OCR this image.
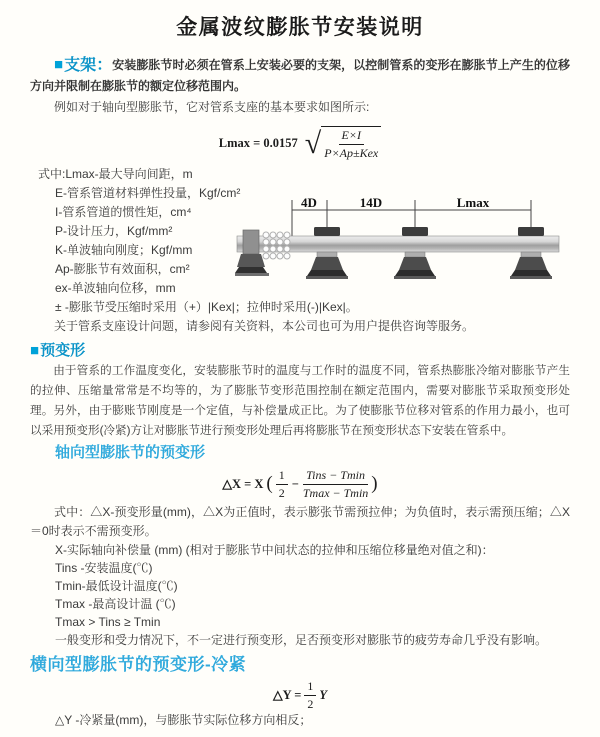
金属波纹膨胀节安装说明

■支架：安装膨胀节时必须在管系上安装必要的支架，以控制管系的变形在膨胀节上产生的位移方向并限制在膨胀节的额定位移范围内。

例如对于轴向型膨胀节，它对管系支座的基本要求如图所示:

Lmax = 0.0157 √ $\frac{E\times I}{\text{P×Ap±Kex}}$
式中:Lmax-最大导向间距，m
E-管系管道材料弹性投量，Kgf/cm²
I-管系管道的惯性矩，cm⁴
P-设计压力，Kgf/mm²
K-单波轴向刚度；Kgf/mm
Ap-膨胀节有效面积，cm²
ex-单波轴向位移，mm
± -膨胀节受压缩时采用（+）|Kex|；拉伸时采用(-)|Kex|。
4D	14D	Lmax

关于管系支座设计问题，请参阅有关资料，本公司也可为用户提供咨询等服务。

■预变形

由于管系的工作温度变化，安装膨胀节时的温度与工作时的温度不同，管系热膨胀冷缩对膨胀节产生的拉伸、压缩量常常是不均等的，为了膨胀节变形范围控制在额定范围内，需要对膨胀节采取预变形处理。另外，由于膨账节刚度是一个定值，与补偿量成正比。为了使膨胀节位移对管系的作用力最小，也可以采用预变形(冷紧)方让对膨胀节进行预变形处理后再将膨胀节在预变形状态下安装在管系中。

轴向型膨胀节的预变形
△X = X ( $\frac{1}{2} - \frac{\text{Tins − Tmin}}{Tmax - Tmin}$ )

式中：△X-预变形量(mm)，△X为正值时，表示膨张节需预拉伸；为负值时，表示需预压缩；△X＝0时表示不需预变形。

X-实际轴向补偿量 (mm) (相对于膨胀节中间状态的拉伸和压缩位移量绝对值之和)：
Tins -安装温度(℃)
Tmin-最低设计温度(℃)
Tmax -最高设计温 (℃)
Tmax > Tins ≥ Tmin
一般变形和受力情况下，不一定进行预变形，足否预变形对膨胀节的疲劳寿命几乎没有影响。
横向型膨胀节的预变形-冷紧
△Y = $\frac{1}{2}$ Y
△Y -冷紧量(mm)，与膨胀节实际位移方向相反；
